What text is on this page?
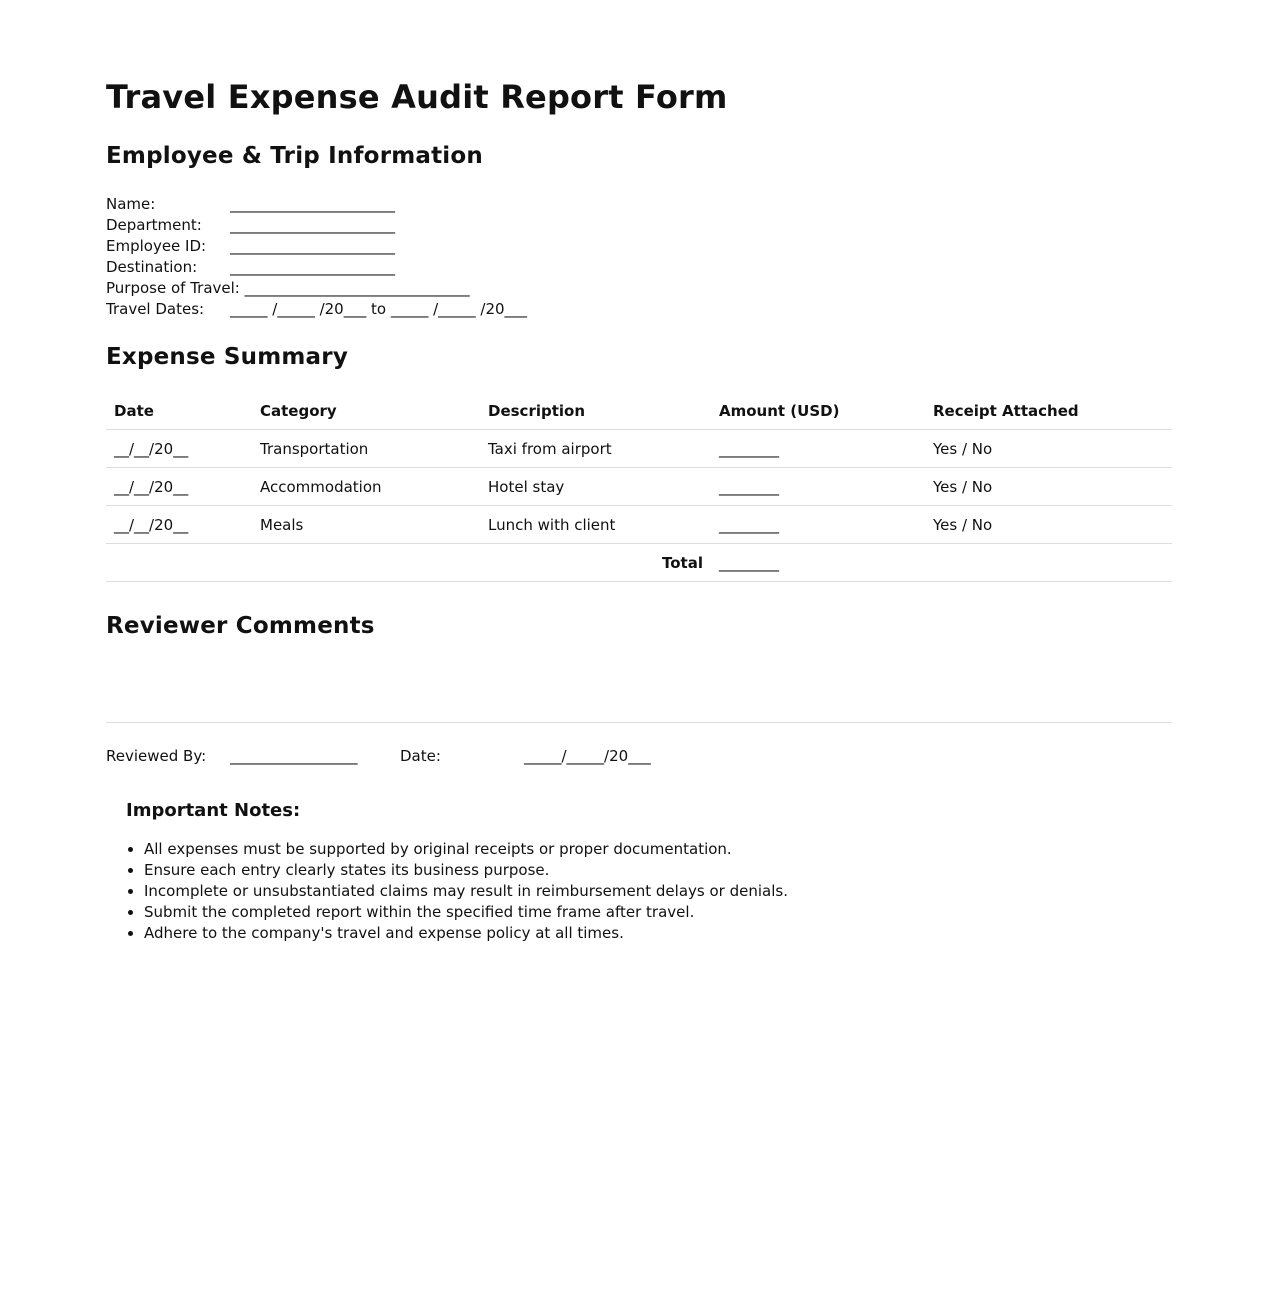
Travel Expense Audit Report Form
Employee & Trip Information
Name:	______________________
Department: ______________________
Employee ID: ______________________
Destination: ______________________
Purpose of Travel: ______________________________
Travel Dates: _____ /_____ /20___ to _____ /_____ /20___
Expense Summary
Date	Category	Description	Amount (USD)	Receipt Attached
__/__/20__	Transportation	Taxi from airport	________	Yes / No
__/__/20__	Accommodation	Hotel stay	________	Yes / No
__/__/20__	Meals	Lunch with client	________	Yes / No
		Total	________	
Reviewer Comments
Reviewed By: _________________	Date:	_____/_____/20___
Important Notes:
• All expenses must be supported by original receipts or proper documentation.
• Ensure each entry clearly states its business purpose.
• Incomplete or unsubstantiated claims may result in reimbursement delays or denials.
• Submit the completed report within the specified time frame after travel.
• Adhere to the company's travel and expense policy at all times.
